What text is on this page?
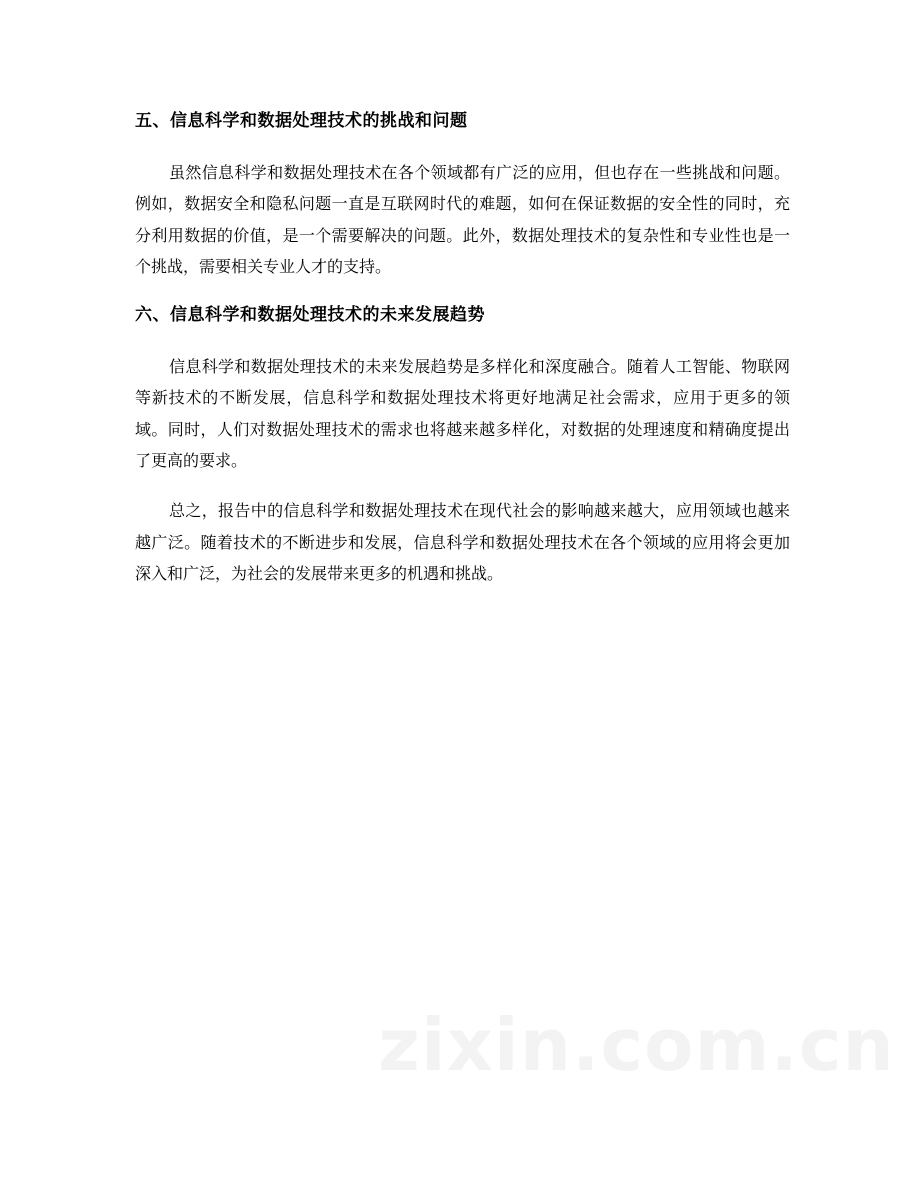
五、信息科学和数据处理技术的挑战和问题

虽然信息科学和数据处理技术在各个领域都有广泛的应用，但也存在一些挑战和问题。例如，数据安全和隐私问题一直是互联网时代的难题，如何在保证数据的安全性的同时，充分利用数据的价值，是一个需要解决的问题。此外，数据处理技术的复杂性和专业性也是一个挑战，需要相关专业人才的支持。

六、信息科学和数据处理技术的未来发展趋势

信息科学和数据处理技术的未来发展趋势是多样化和深度融合。随着人工智能、物联网等新技术的不断发展，信息科学和数据处理技术将更好地满足社会需求，应用于更多的领域。同时，人们对数据处理技术的需求也将越来越多样化，对数据的处理速度和精确度提出了更高的要求。

总之，报告中的信息科学和数据处理技术在现代社会的影响越来越大，应用领域也越来越广泛。随着技术的不断进步和发展，信息科学和数据处理技术在各个领域的应用将会更加深入和广泛，为社会的发展带来更多的机遇和挑战。
